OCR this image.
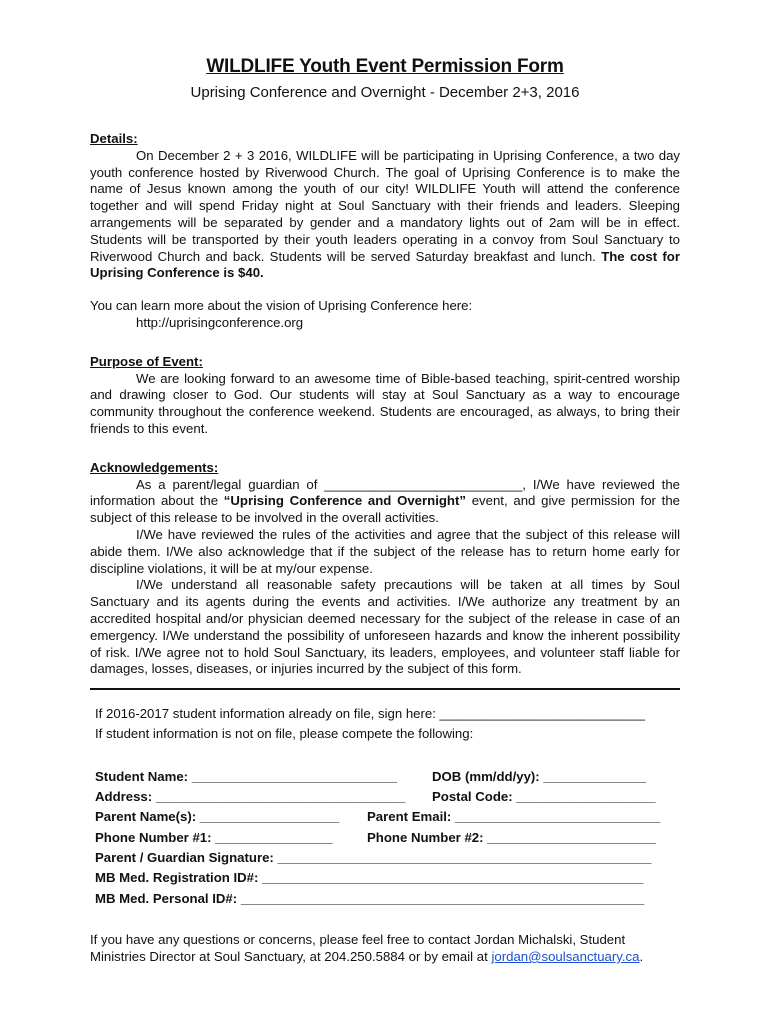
WILDLIFE Youth Event Permission Form
Uprising Conference and Overnight - December 2+3, 2016
Details:

On December 2 + 3 2016, WILDLIFE will be participating in Uprising Conference, a two day youth conference hosted by Riverwood Church. The goal of Uprising Conference is to make the name of Jesus known among the youth of our city! WILDLIFE Youth will attend the conference together and will spend Friday night at Soul Sanctuary with their friends and leaders. Sleeping arrangements will be separated by gender and a mandatory lights out of 2am will be in effect. Students will be transported by their youth leaders operating in a convoy from Soul Sanctuary to Riverwood Church and back. Students will be served Saturday breakfast and lunch. The cost for Uprising Conference is $40.

You can learn more about the vision of Uprising Conference here:
http://uprisingconference.org
Purpose of Event:

We are looking forward to an awesome time of Bible-based teaching, spirit-centred worship and drawing closer to God. Our students will stay at Soul Sanctuary as a way to encourage community throughout the conference weekend. Students are encouraged, as always, to bring their friends to this event.

Acknowledgements:

As a parent/legal guardian of ___________________________, I/We have reviewed the information about the “Uprising Conference and Overnight” event, and give permission for the subject of this release to be involved in the overall activities.

I/We have reviewed the rules of the activities and agree that the subject of this release will abide them. I/We also acknowledge that if the subject of the release has to return home early for discipline violations, it will be at my/our expense.

I/We understand all reasonable safety precautions will be taken at all times by Soul Sanctuary and its agents during the events and activities. I/We authorize any treatment by an accredited hospital and/or physician deemed necessary for the subject of the release in case of an emergency. I/We understand the possibility of unforeseen hazards and know the inherent possibility of risk. I/We agree not to hold Soul Sanctuary, its leaders, employees, and volunteer staff liable for damages, losses, diseases, or injuries incurred by the subject of this form.

If 2016-2017 student information already on file, sign here: ____________________________
If student information is not on file, please compete the following:
Student Name: ____________________________	DOB (mm/dd/yy): ______________
Address: __________________________________	Postal Code: ___________________
Parent Name(s): ___________________	Parent Email: ____________________________
Phone Number #1: ________________	Phone Number #2: _______________________
Parent / Guardian Signature: ___________________________________________________
MB Med. Registration ID#: ____________________________________________________
MB Med. Personal ID#: _______________________________________________________
If you have any questions or concerns, please feel free to contact Jordan Michalski, Student Ministries Director at Soul Sanctuary, at 204.250.5884 or by email at jordan@soulsanctuary.ca.
